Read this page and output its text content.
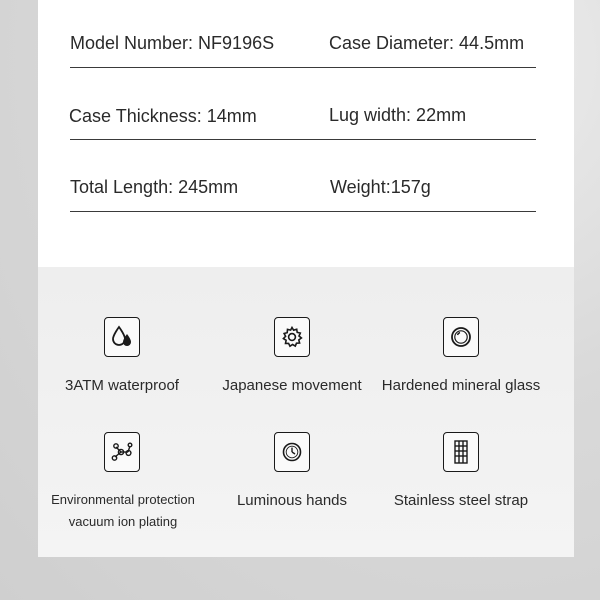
Model Number: NF9196S	Case Diameter: 44.5mm
Case Thickness: 14mm	Lug width: 22mm
Total Length: 245mm	Weight:157g
3ATM waterproof	Japanese movement	Hardened mineral glass
Environmental protection
vacuum ion plating
Luminous hands	Stainless steel strap
